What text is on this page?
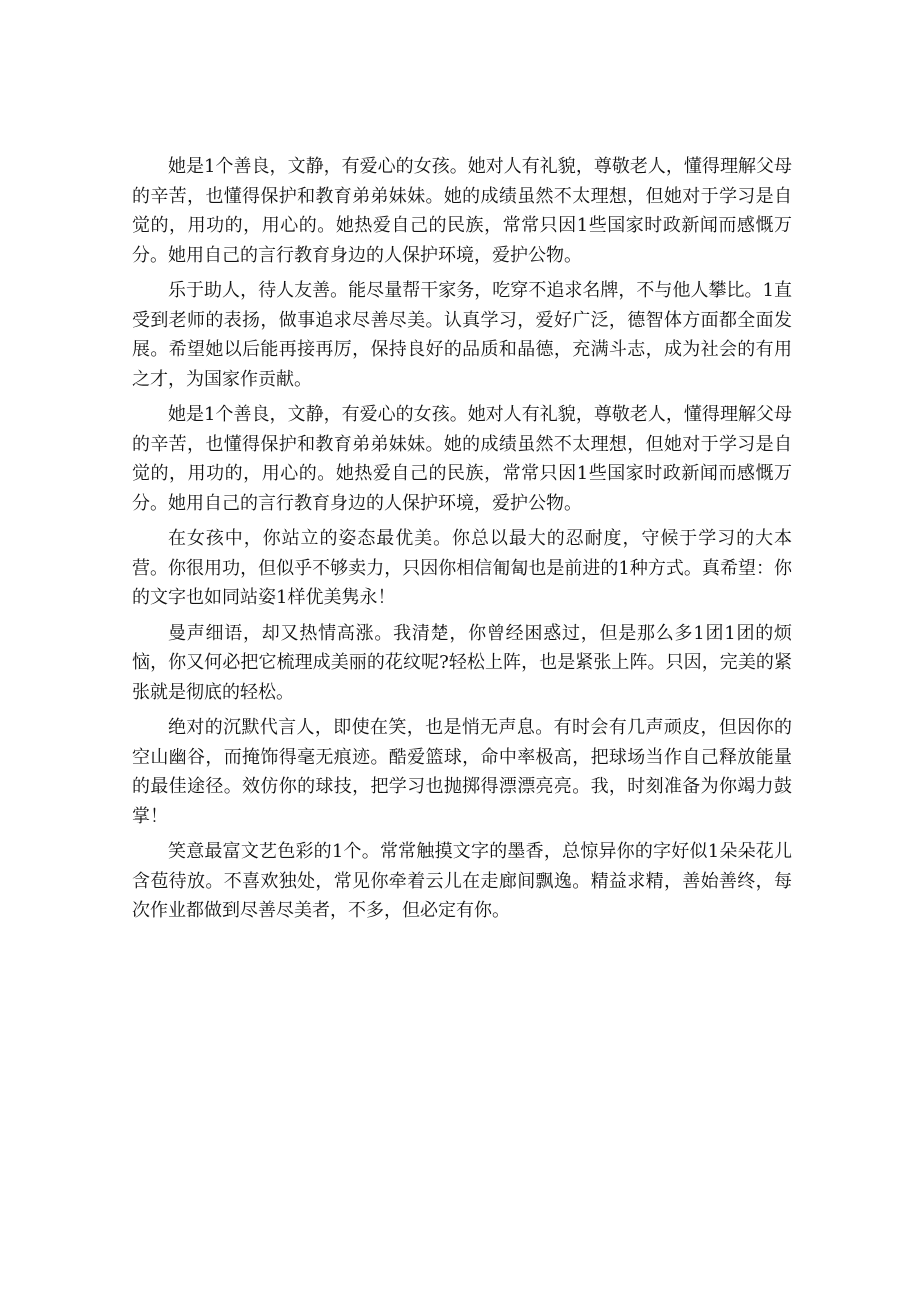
她是1个善良，文静，有爱心的女孩。她对人有礼貌，尊敬老人，懂得理解父母的辛苦，也懂得保护和教育弟弟妹妹。她的成绩虽然不太理想，但她对于学习是自觉的，用功的，用心的。她热爱自己的民族，常常只因1些国家时政新闻而感慨万分。她用自己的言行教育身边的人保护环境，爱护公物。

乐于助人，待人友善。能尽量帮干家务，吃穿不追求名牌，不与他人攀比。1直受到老师的表扬，做事追求尽善尽美。认真学习，爱好广泛，德智体方面都全面发展。希望她以后能再接再厉，保持良好的品质和晶德，充满斗志，成为社会的有用之才，为国家作贡献。

她是1个善良，文静，有爱心的女孩。她对人有礼貌，尊敬老人，懂得理解父母的辛苦，也懂得保护和教育弟弟妹妹。她的成绩虽然不太理想，但她对于学习是自觉的，用功的，用心的。她热爱自己的民族，常常只因1些国家时政新闻而感慨万分。她用自己的言行教育身边的人保护环境，爱护公物。

在女孩中，你站立的姿态最优美。你总以最大的忍耐度，守候于学习的大本营。你很用功，但似乎不够卖力，只因你相信匍匐也是前进的1种方式。真希望：你的文字也如同站姿1样优美隽永！

曼声细语，却又热情高涨。我清楚，你曾经困惑过，但是那么多1团1团的烦恼，你又何必把它梳理成美丽的花纹呢?轻松上阵，也是紧张上阵。只因，完美的紧张就是彻底的轻松。

绝对的沉默代言人，即使在笑，也是悄无声息。有时会有几声顽皮，但因你的空山幽谷，而掩饰得毫无痕迹。酷爱篮球，命中率极高，把球场当作自己释放能量的最佳途径。效仿你的球技，把学习也抛掷得漂漂亮亮。我，时刻准备为你竭力鼓掌！

笑意最富文艺色彩的1个。常常触摸文字的墨香，总惊异你的字好似1朵朵花儿含苞待放。不喜欢独处，常见你牵着云儿在走廊间飘逸。精益求精，善始善终，每次作业都做到尽善尽美者，不多，但必定有你。
